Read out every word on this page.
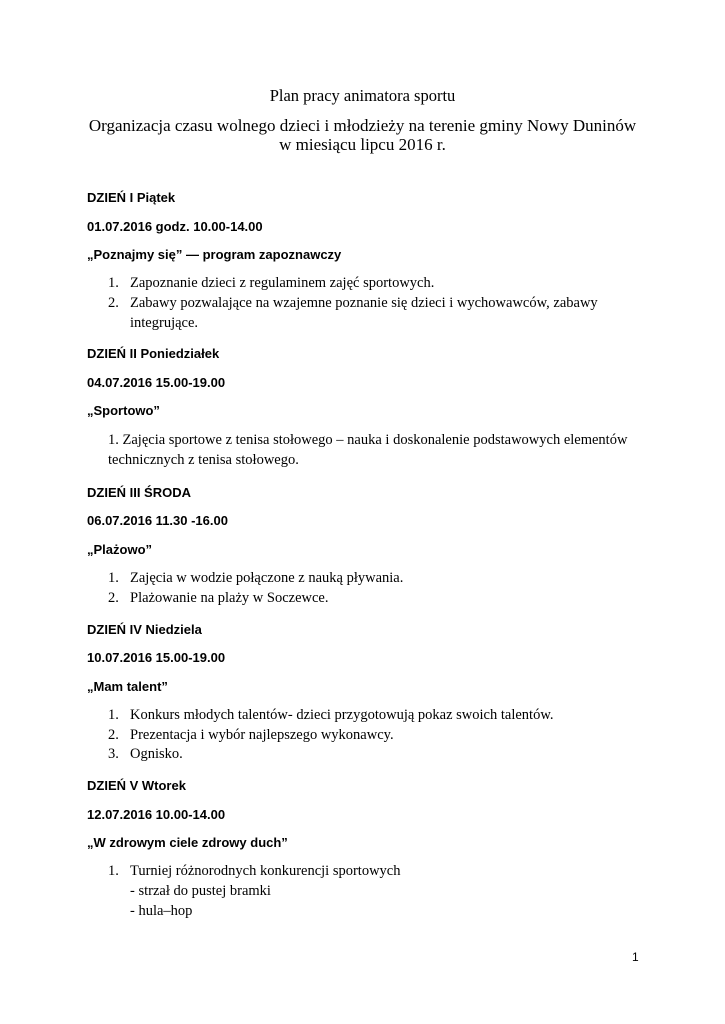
Plan pracy animatora sportu
Organizacja czasu wolnego dzieci i młodzieży na terenie gminy Nowy Duninów
w miesiącu lipcu 2016 r.
DZIEŃ I Piątek
01.07.2016 godz. 10.00-14.00
„Poznajmy się” — program zapoznawczy
1. Zapoznanie dzieci z regulaminem zajęć sportowych.
2. Zabawy pozwalające na wzajemne poznanie się dzieci i wychowawców, zabawy
integrujące.
DZIEŃ II Poniedziałek
04.07.2016 15.00-19.00
„Sportowo”
1. Zajęcia sportowe z tenisa stołowego – nauka i doskonalenie podstawowych elementów
technicznych z tenisa stołowego.
DZIEŃ III ŚRODA
06.07.2016 11.30 -16.00
„Plażowo”
1. Zajęcia w wodzie połączone z nauką pływania.
2. Plażowanie na plaży w Soczewce.
DZIEŃ IV Niedziela
10.07.2016 15.00-19.00
„Mam talent”
1. Konkurs młodych talentów- dzieci przygotowują pokaz swoich talentów.
2. Prezentacja i wybór najlepszego wykonawcy.
3. Ognisko.
DZIEŃ V Wtorek
12.07.2016 10.00-14.00
„W zdrowym ciele zdrowy duch”
1. Turniej różnorodnych konkurencji sportowych
- strzał do pustej bramki
- hula–hop
1
